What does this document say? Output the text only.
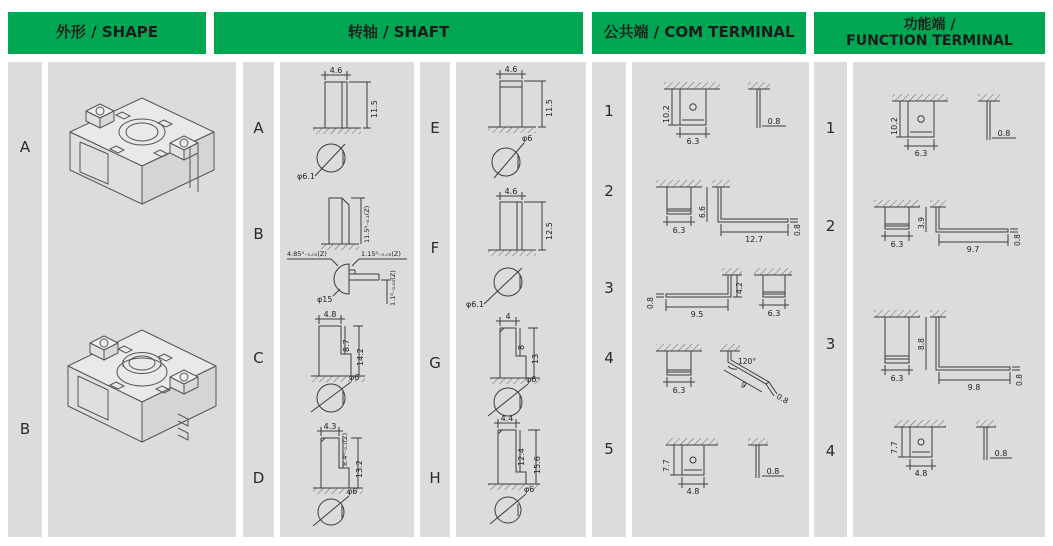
外形 / SHAPE	转轴 / SHAFT	公共端 / COM TERMINAL	功能端 /
FUNCTION TERMINAL
A
B
A
B
C
D
E
F
G
H
1
2
3
4
5
1
2
3
4
4.6
11.5
φ6.1
11.5⁰₋₀.₁(Z)
4.85⁰₋₀.₀₅(Z)	1.15⁰₋₀.₀₅(Z)
φ15	1.1⁰₋₀.₀₅(Z)
4.8
8.7
14.2
φ6
4.3
8.4⁰₋₀.₁(Z)
13.2
φ6
4.6
11.5
φ6
4.6
12.5
φ6.1
4
8
13
φ6
4.4
12.4 15.6
φ6
10.2
6.3
0.8
6.6
6.3
12.7
0.8
0.8
9.5
4.2
6.3
6.3
120°
9
0.8
7.7
4.8
0.8
10.2
6.3
0.8
3.9
6.3
9.7
0.8
8.8
6.3
9.8
0.8
7.7
4.8
0.8
